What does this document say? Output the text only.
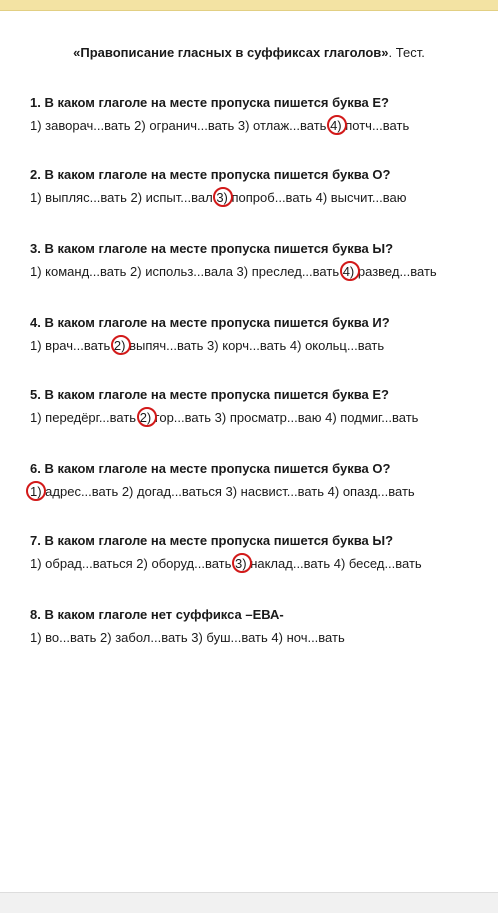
«Правописание гласных в суффиксах глаголов». Тест.
1. В каком глаголе на месте пропуска пишется буква Е?
1) заворач...вать 2) огранич...вать 3) отлаж...вать 4)
потч...вать
2. В каком глаголе на месте пропуска пишется буква О?
1) выпляс...вать 2) испыт...вал 3)
попроб...вать 4) высчит...ваю
3. В каком глаголе на месте пропуска пишется буква Ы?
1) команд...вать 2) использ...вала 3) преслед...вать 4)
развед...вать
4. В каком глаголе на месте пропуска пишется буква И?
1) врач...вать 2)
выпяч...вать 3) корч...вать 4) окольц...вать
5. В каком глаголе на месте пропуска пишется буква Е?
1) передёрг...вать 2)
гор...вать 3) просматр...ваю 4) подмиг...вать
6. В каком глаголе на месте пропуска пишется буква О?
1)
адрес...вать 2) догад...ваться 3) насвист...вать 4) опазд...вать
7. В каком глаголе на месте пропуска пишется буква Ы?
1) обрад...ваться 2) оборуд...вать 3)
наклад...вать 4) бесед...вать
8. В каком глаголе нет суффикса –ЕВА-
1) во...вать 2) забол...вать 3) буш...вать 4) ноч...вать
